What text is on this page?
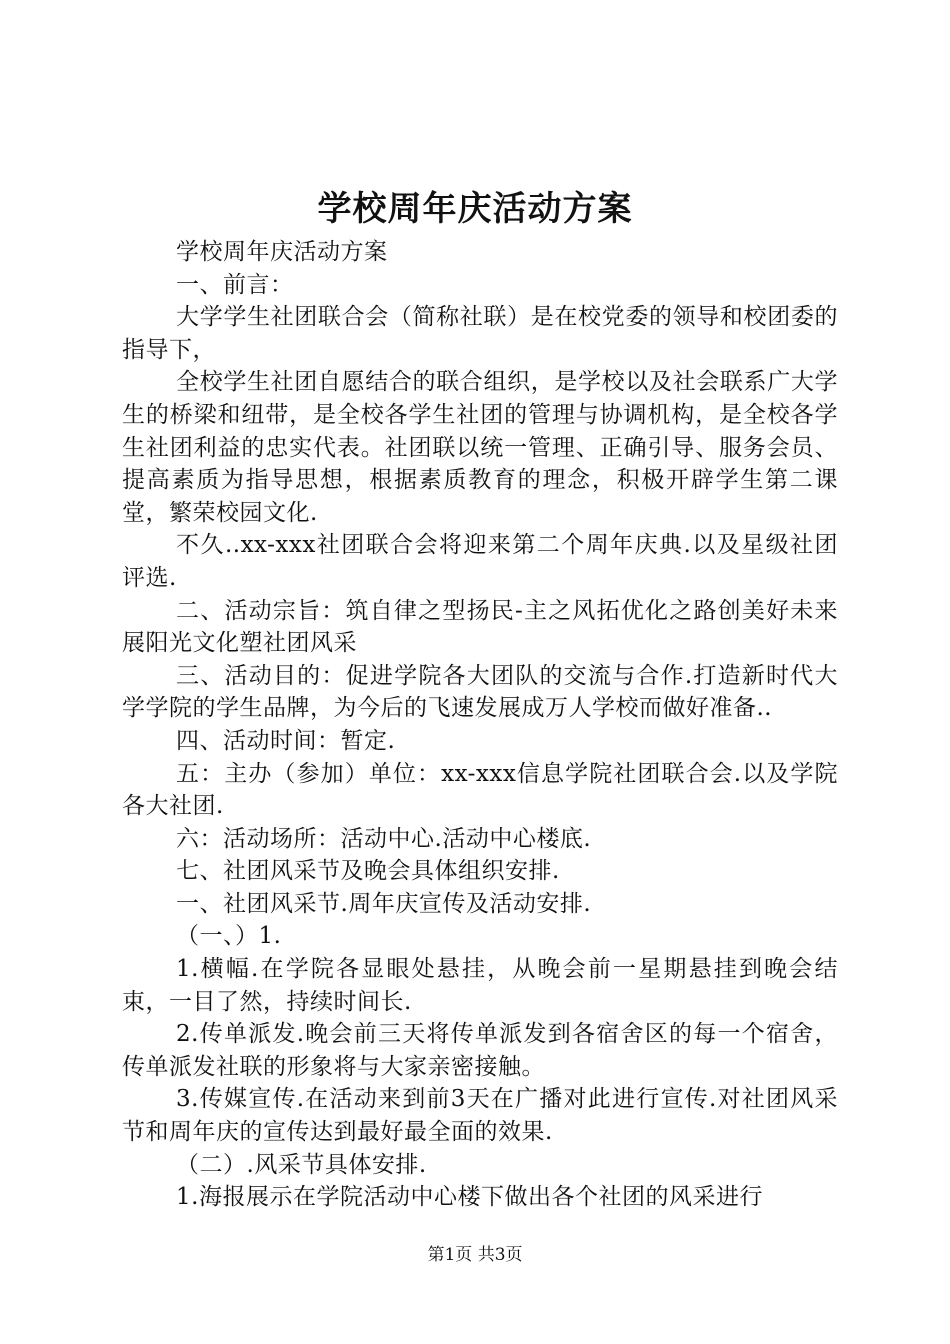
学校周年庆活动方案

学校周年庆活动方案

一、前言：

大学学生社团联合会（简称社联）是在校党委的领导和校团委的指导下，

全校学生社团自愿结合的联合组织，是学校以及社会联系广大学生的桥梁和纽带，是全校各学生社团的管理与协调机构，是全校各学生社团利益的忠实代表。社团联以统一管理、正确引导、服务会员、提高素质为指导思想，根据素质教育的理念，积极开辟学生第二课堂，繁荣校园文化.

不久..xx-xxx社团联合会将迎来第二个周年庆典.以及星级社团评选.

二、活动宗旨：筑自律之型扬民-主之风拓优化之路创美好未来展阳光文化塑社团风采

三、活动目的：促进学院各大团队的交流与合作.打造新时代大学学院的学生品牌，为今后的飞速发展成万人学校而做好准备..

四、活动时间：暂定.

五：主办（参加）单位：xx-xxx信息学院社团联合会.以及学院各大社团.

六：活动场所：活动中心.活动中心楼底.

七、社团风采节及晚会具体组织安排.

一、社团风采节.周年庆宣传及活动安排.

（一、）1.

1.横幅.在学院各显眼处悬挂，从晚会前一星期悬挂到晚会结束，一目了然，持续时间长.

2.传单派发.晚会前三天将传单派发到各宿舍区的每一个宿舍，传单派发社联的形象将与大家亲密接触。

3.传媒宣传.在活动来到前3天在广播对此进行宣传.对社团风采节和周年庆的宣传达到最好最全面的效果.

（二）.风采节具体安排.

1.海报展示在学院活动中心楼下做出各个社团的风采进行

第1页 共3页
